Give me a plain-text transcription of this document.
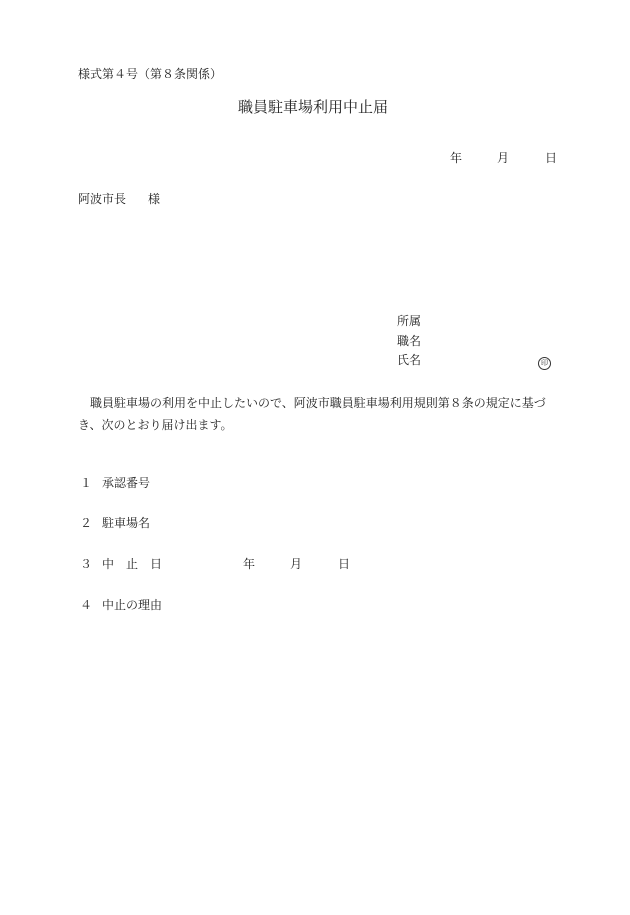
様式第４号（第８条関係）
職員駐車場利用中止届
年	月	日
阿波市長 様
所属
職名
氏名	印
職員駐車場の利用を中止したいので、阿波市職員駐車場利用規則第８条の規定に基づき、次のとおり届け出ます。
１ 承認番号
２ 駐車場名
３ 中　止　日	年	月	日
４ 中止の理由
